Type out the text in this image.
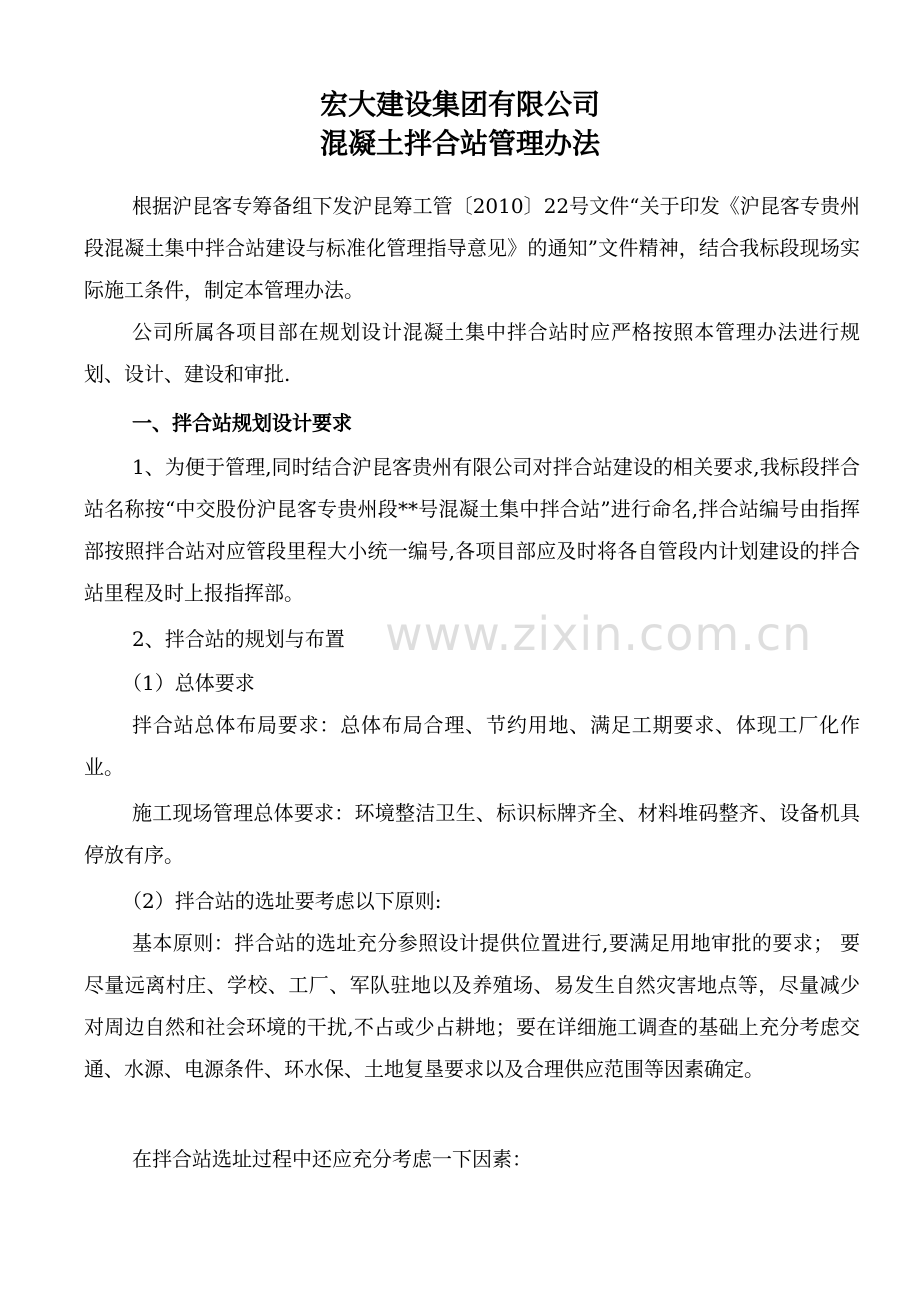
宏大建设集团有限公司
混凝土拌合站管理办法

根据沪昆客专筹备组下发沪昆筹工管〔2010〕22号文件“关于印发《沪昆客专贵州段混凝土集中拌合站建设与标准化管理指导意见》的通知”文件精神，结合我标段现场实际施工条件，制定本管理办法。

公司所属各项目部在规划设计混凝土集中拌合站时应严格按照本管理办法进行规划、设计、建设和审批.

一、拌合站规划设计要求

1、为便于管理,同时结合沪昆客贵州有限公司对拌合站建设的相关要求,我标段拌合站名称按“中交股份沪昆客专贵州段**号混凝土集中拌合站”进行命名,拌合站编号由指挥部按照拌合站对应管段里程大小统一编号,各项目部应及时将各自管段内计划建设的拌合站里程及时上报指挥部。

2、拌合站的规划与布置
（1）总体要求

拌合站总体布局要求：总体布局合理、节约用地、满足工期要求、体现工厂化作业。

施工现场管理总体要求：环境整洁卫生、标识标牌齐全、材料堆码整齐、设备机具停放有序。

（2）拌合站的选址要考虑以下原则:

基本原则：拌合站的选址充分参照设计提供位置进行,要满足用地审批的要求； 要尽量远离村庄、学校、工厂、军队驻地以及养殖场、易发生自然灾害地点等，尽量减少对周边自然和社会环境的干扰,不占或少占耕地；要在详细施工调查的基础上充分考虑交通、水源、电源条件、环水保、土地复垦要求以及合理供应范围等因素确定。

在拌合站选址过程中还应充分考虑一下因素：
www.zixin.com.cn
